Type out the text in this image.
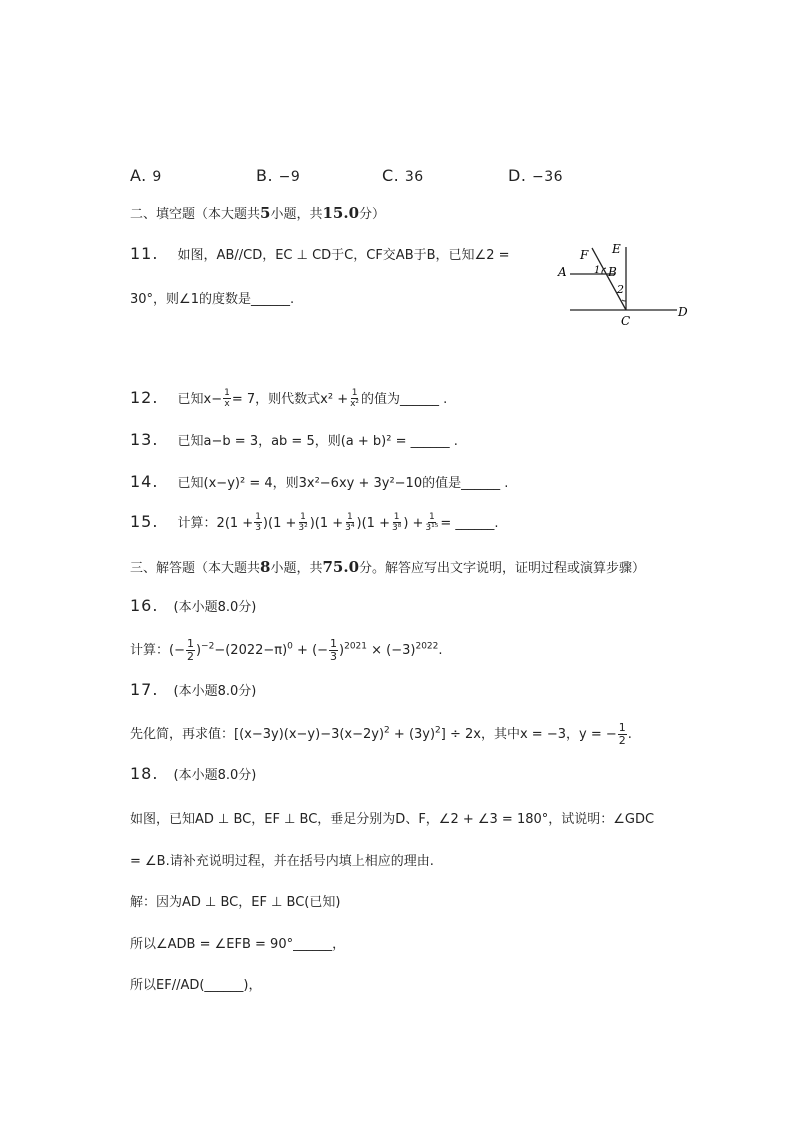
A. 9	B. −9	C. 36	D. −36
二、填空题（本大题共5小题，共15.0分）
11. 如图，AB//CD，EC ⊥ CD于C，CF交AB于B，已知∠2 =
30°，则∠1的度数是______.
F E
A	B
1
2
C
D
12. 已知$x- \frac{1}{x} = 7$，则代数式$x^2 + \frac{1}{\text{x²}}$ 的值为______ .
13. 已知a−b = 3，ab = 5，则(a + b)² = ______ .
14. 已知(x−y)² = 4，则3x²−6xy + 3y²−10的值是______ .
15. 计算：$2(1 + \frac{1}{3} )(1 + \frac{1}{\text{3²}} )(1 + \frac{1}{\text{3⁴}} )(1 + \frac{1}{\text{3⁸}}$ ) + $\frac{1}{\text{3¹⁵}}$ = ______.
三、解答题（本大题共8小题，共75.0分。解答应写出文字说明，证明过程或演算步骤）
16. (本小题8.0分)
计算：(− $\frac{1}{2} )^{-2}-(2022-\pi)^0$ + (− $\frac{1}{3} )^{2021} \times (-3)^{2022}$.
17. (本小题8.0分)
先化简，再求值：$[(x-3y)(x-y)-3(x-2y)^2 + (3y)^2] \div 2x$，其中x = −3，y = − $\frac{1}{2}$ .
18. (本小题8.0分)
如图，已知AD ⊥ BC，EF ⊥ BC，垂足分别为D、F，∠2 + ∠3 = 180°，试说明：∠GDC
= ∠B.请补充说明过程，并在括号内填上相应的理由.
解：因为AD ⊥ BC，EF ⊥ BC(已知)
所以∠ADB = ∠EFB = 90°______，
所以EF//AD(______)，
